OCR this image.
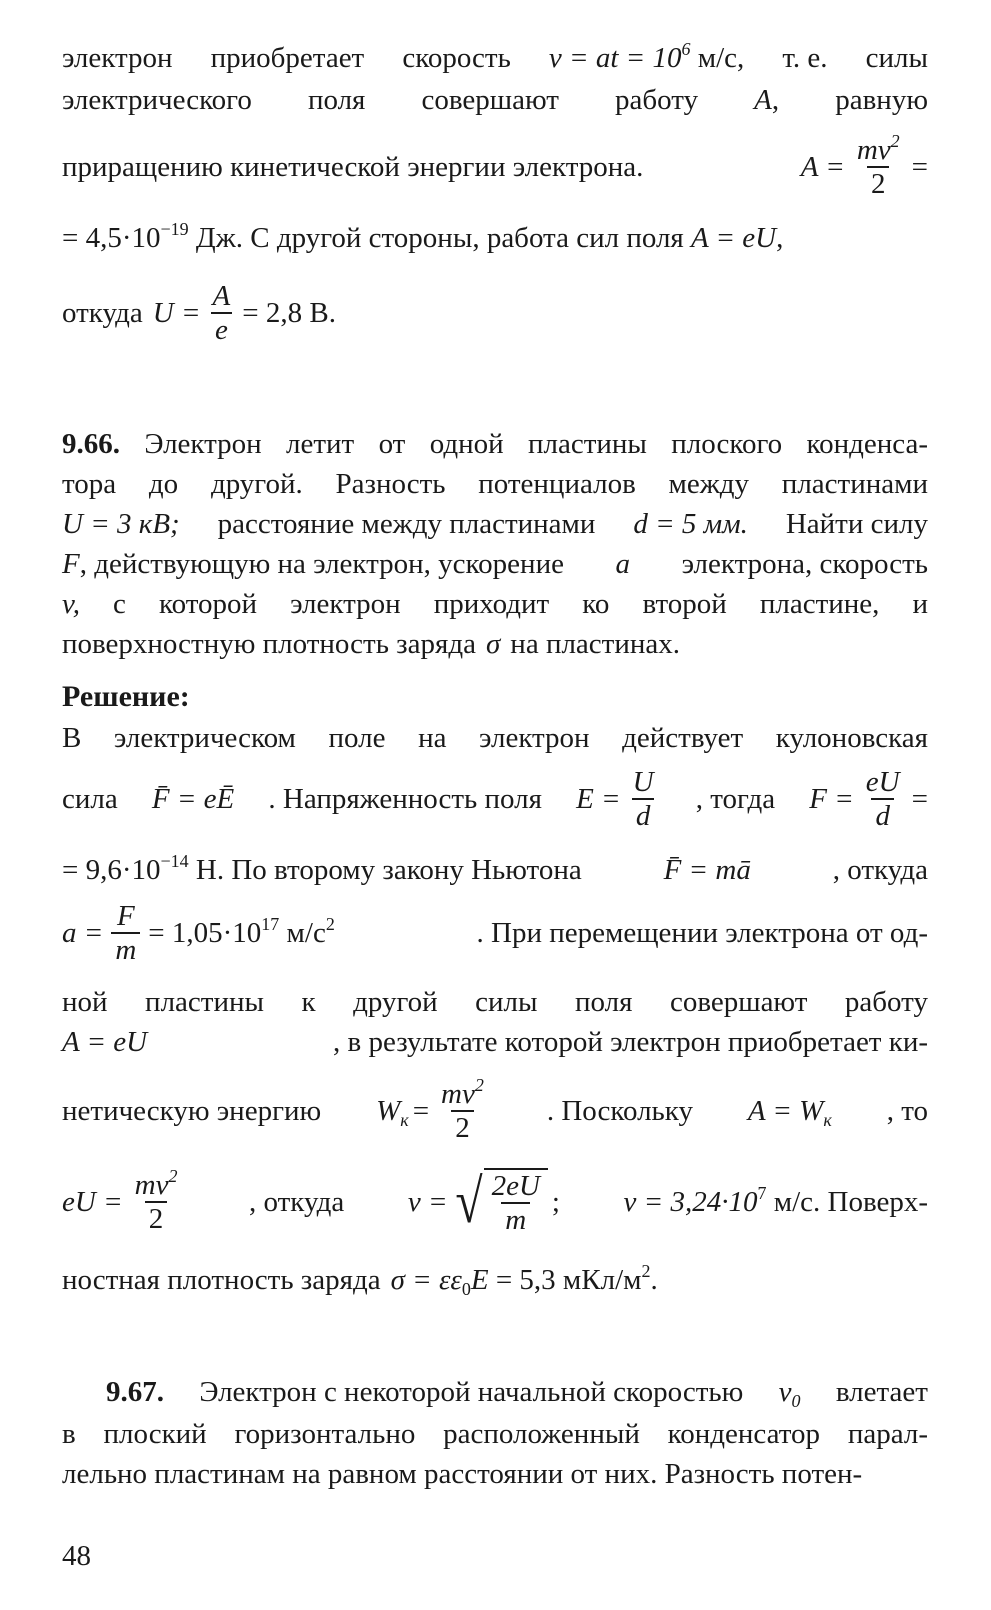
электрон приобретает скорость v = at = $10^6$ м/с, т. е. силы
электрического поля совершают работу A, равную
приращению кинетической энергии электрона.	$A = \frac{mv^2}{2}$ =
= $4,5\cdot 10^{-19}$ Дж. С другой стороны, работа сил поля A = eU,
откуда $U = \frac{A}{e} = 2,8$ В.
9.66. Электрон летит от одной пластины плоского конденса-
тора до другой. Разность потенциалов между пластинами
U = 3 кВ; расстояние между пластинами d = 5 мм. Найти силу
F, действующую на электрон, ускорение a электрона, скорость
v, с которой электрон приходит ко второй пластине, и
поверхностную плотность заряда σ на пластинах.
Решение:
В электрическом поле на электрон действует кулоновская
сила F̄ = eĒ . Напряженность поля $E = \frac{U}{d}$ , тогда $F = \frac{eU}{d}$ =
= $9,6\cdot 10^{-14}$ Н. По второму закону Ньютона	F̄ = mā	, откуда
$a = \frac{F}{m} = 1,05\cdot 10^{17}$ $м/с^2$	. При перемещении электрона от од-
ной пластины к другой силы поля совершают работу
A = eU	, в результате которой электрон приобретает ки-
нетическую энергию $W_к = \frac{mv^2}{2}$ . Поскольку $A = W_к$ , то
eU = $\frac{mv^2}{2}$ , откуда v = √ $\frac{2eU}{m}$ ; $v = 3,24\cdot 10^7$ м/с. Поверх-
ностная плотность заряда $\sigma = \varepsilon\varepsilon_0E = 5,3$ мКл/$м^2$.
9.67. Электрон с некоторой начальной скоростью $v_0$ влетает
в плоский горизонтально расположенный конденсатор парал-
лельно пластинам на равном расстоянии от них. Разность потен-
48
